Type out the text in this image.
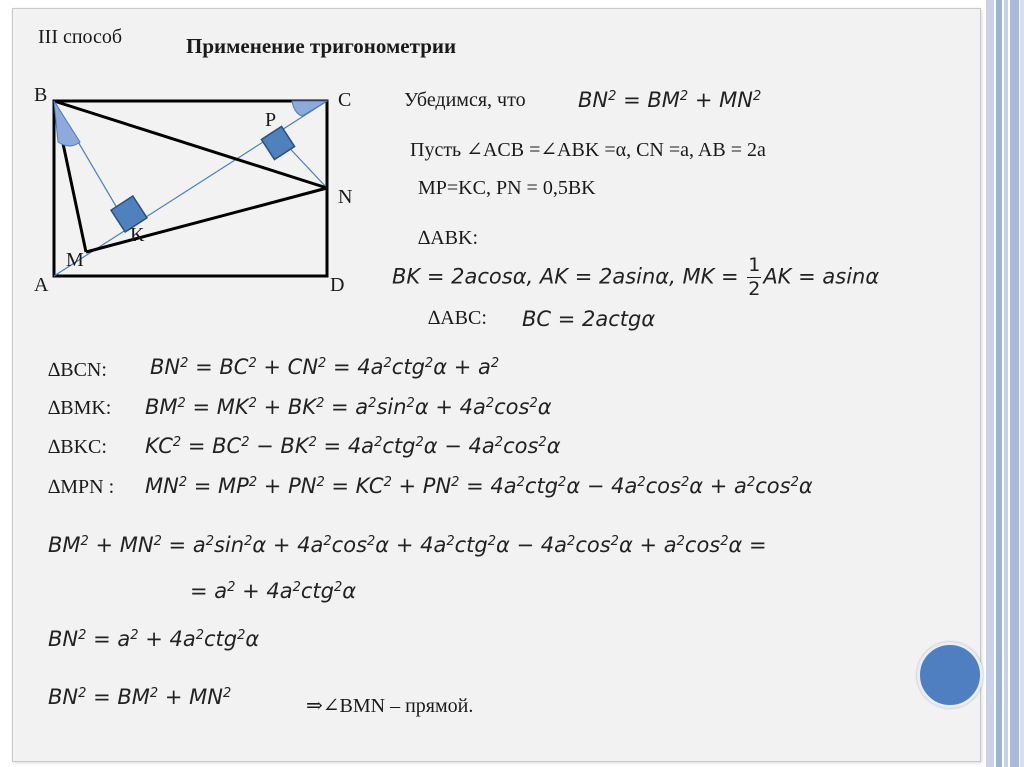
III способ	Применение тригонометрии
B	C
P
N
K
M
A	D
Убедимся, что $BN^2 = BM^2 + MN^2$
Пусть ∠ACB =∠ABK =α, CN =a, AB = 2a
MP=KC, PN = 0,5BK
∆ABK:
BK = 2acosα, AK = 2asinα, MK = $\frac{1}{2}$ AK = asinα
∆ABC: BC = 2actgα
∆BCN: $BN^2 = BC^2 + CN^2 = 4a^2ctg^2\alpha + a^2$
∆BMK: $BM^2 = MK^2 + BK^2 = a^2\sin^2\alpha + 4a^2\cos^2\alpha$
∆BKC: $KC^2 = BC^2 - BK^2 = 4a^2ctg^2\alpha - 4a^2\cos^2\alpha$
∆MPN : $MN^2 = MP^2 + PN^2 = KC^2 + PN^2 = 4a^2ctg^2\alpha - 4a^2\cos^2\alpha + a^2\cos^2\alpha$
$BM^2 + MN^2 = a^2\sin^2\alpha + 4a^2\cos^2\alpha + 4a^2ctg^2\alpha - 4a^2\cos^2\alpha + a^2\cos^2\alpha$ =
= $a^2 + 4a^2ctg^2\alpha$
$BN^2 = a^2 + 4a^2ctg^2\alpha$
$BN^2 = BM^2 + MN^2$
⇒∠BMN – прямой.
